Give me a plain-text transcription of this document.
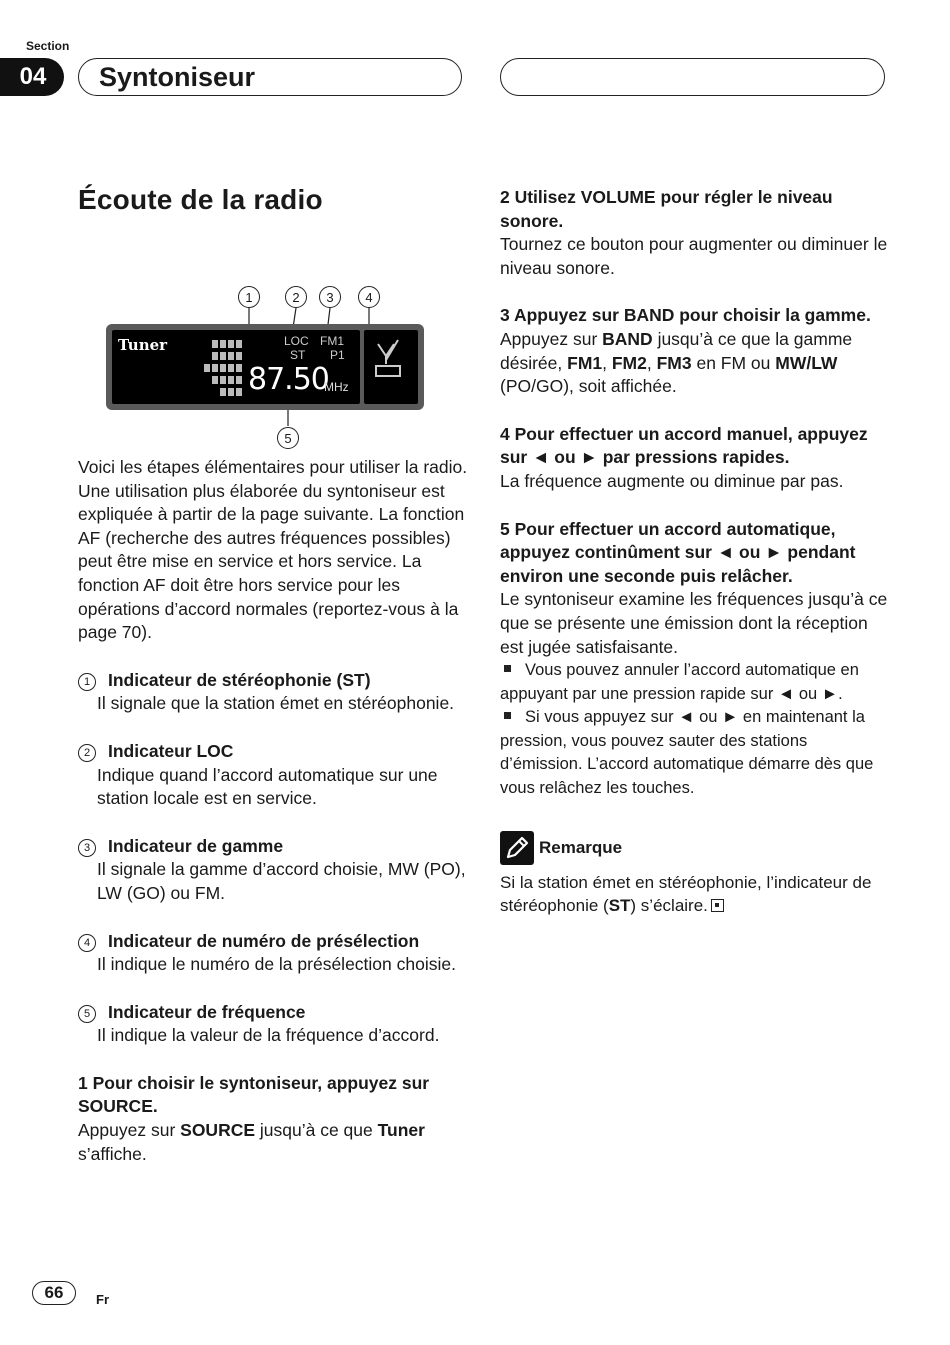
Section
04	Syntoniseur
Écoute de la radio
1	2	3	4
5
Tuner	LOC
ST
FM1
P1
87.50
MHz

Voici les étapes élémentaires pour utiliser la radio. Une utilisation plus élaborée du syntoniseur est expliquée à partir de la page suivante. La fonction AF (recherche des autres fréquences possibles) peut être mise en service et hors service. La fonction AF doit être hors service pour les opérations d’accord normales (reportez-vous à la page 70).

1 Indicateur de stéréophonie (ST)
Il signale que la station émet en stéréophonie.
2 Indicateur LOC
Indique quand l’accord automatique sur une station locale est en service.
3 Indicateur de gamme
Il signale la gamme d’accord choisie, MW (PO), LW (GO) ou FM.
4 Indicateur de numéro de présélection
Il indique le numéro de la présélection choisie.
5 Indicateur de fréquence
Il indique la valeur de la fréquence d’accord.
1 Pour choisir le syntoniseur, appuyez sur SOURCE.
Appuyez sur SOURCE jusqu’à ce que Tuner s’affiche.
2 Utilisez VOLUME pour régler le niveau sonore.
Tournez ce bouton pour augmenter ou diminuer le niveau sonore.
3 Appuyez sur BAND pour choisir la gamme.
Appuyez sur BAND jusqu’à ce que la gamme désirée, FM1, FM2, FM3 en FM ou MW/LW (PO/GO), soit affichée.
4 Pour effectuer un accord manuel, appuyez sur ◄ ou ► par pressions rapides.
La fréquence augmente ou diminue par pas.
5 Pour effectuer un accord automatique, appuyez continûment sur ◄ ou ► pendant environ une seconde puis relâcher.
Le syntoniseur examine les fréquences jusqu’à ce que se présente une émission dont la réception est jugée satisfaisante.
Vous pouvez annuler l’accord automatique en appuyant par une pression rapide sur ◄ ou ►.
Si vous appuyez sur ◄ ou ► en maintenant la pression, vous pouvez sauter des stations d’émission. L’accord automatique démarre dès que vous relâchez les touches.
Remarque
Si la station émet en stéréophonie, l’indicateur de stéréophonie (ST) s’éclaire.
66	Fr
